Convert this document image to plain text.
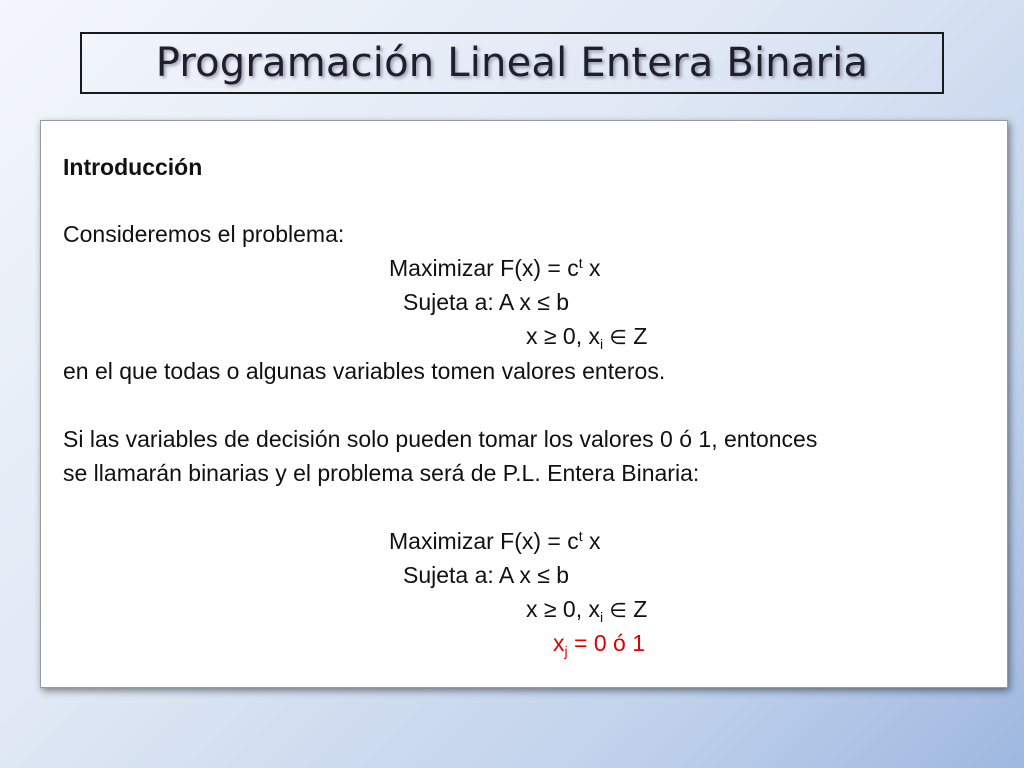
Programación Lineal Entera Binaria
Introducción
Consideremos el problema:
Maximizar $F(x) = c^t$ x
Sujeta a: A x ≤ b
x ≥ 0, $x_i$ ∈ Z
en el que todas o algunas variables tomen valores enteros.
Si las variables de decisión solo pueden tomar los valores 0 ó 1, entonces
se llamarán binarias y el problema será de P.L. Entera Binaria:
Maximizar $F(x) = c^t$ x
Sujeta a: A x ≤ b
x ≥ 0, $x_i$ ∈ Z
$x_j = 0$ ó 1
